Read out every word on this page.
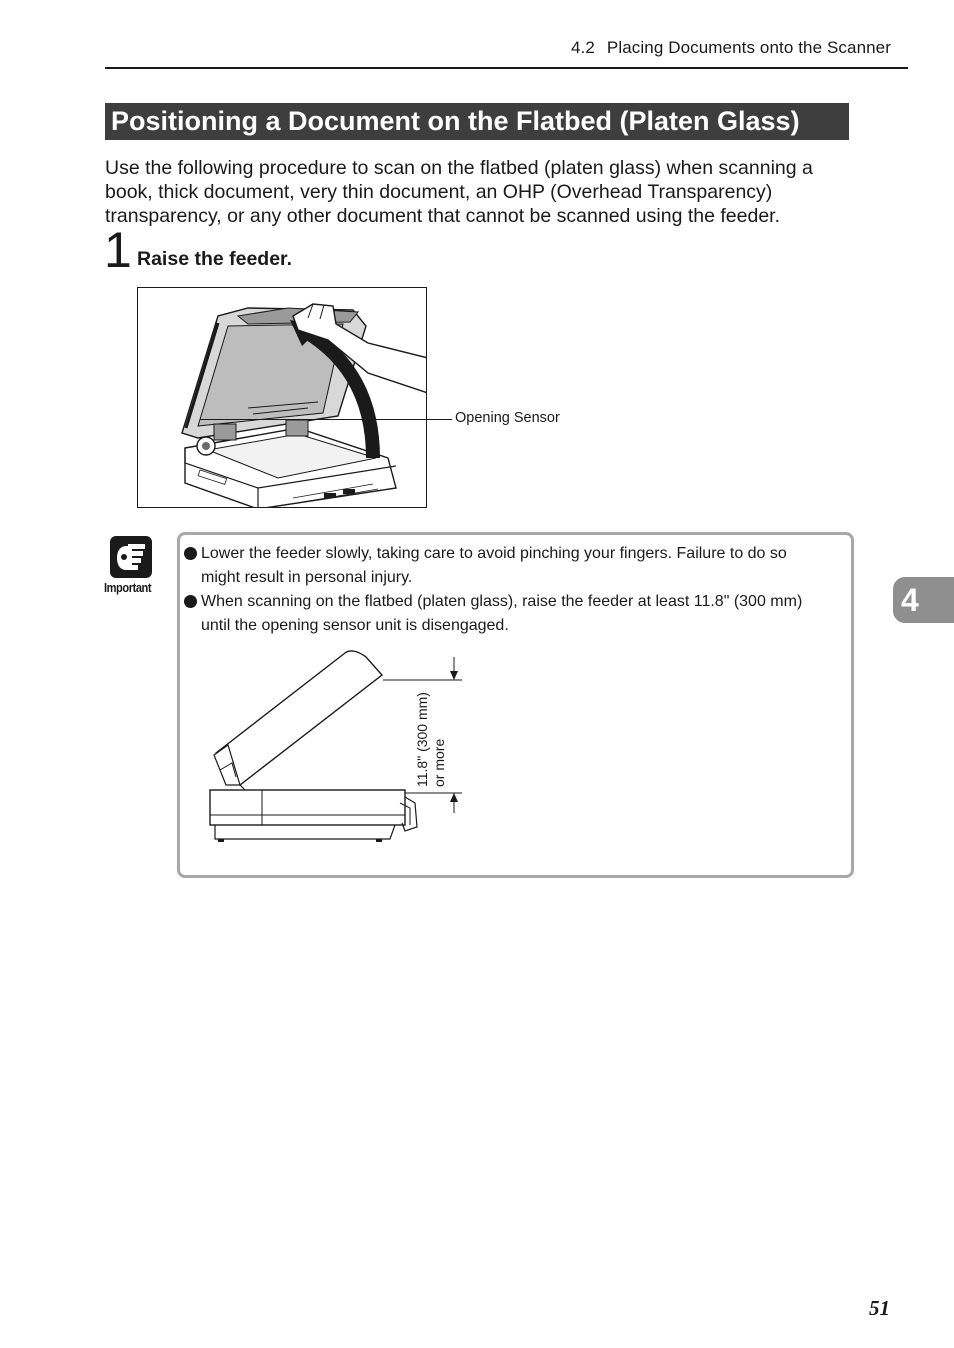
4.2 Placing Documents onto the Scanner
Positioning a Document on the Flatbed (Platen Glass)

Use the following procedure to scan on the flatbed (platen glass) when scanning a book, thick document, very thin document, an OHP (Overhead Transparency) transparency, or any other document that cannot be scanned using the feeder.

1 Raise the feeder.
Opening Sensor
Important
Lower the feeder slowly, taking care to avoid pinching your fingers. Failure to do so
might result in personal injury.
When scanning on the flatbed (platen glass), raise the feeder at least 11.8" (300 mm)
until the opening sensor unit is disengaged.
11.8" (300 mm) or more
4
51
